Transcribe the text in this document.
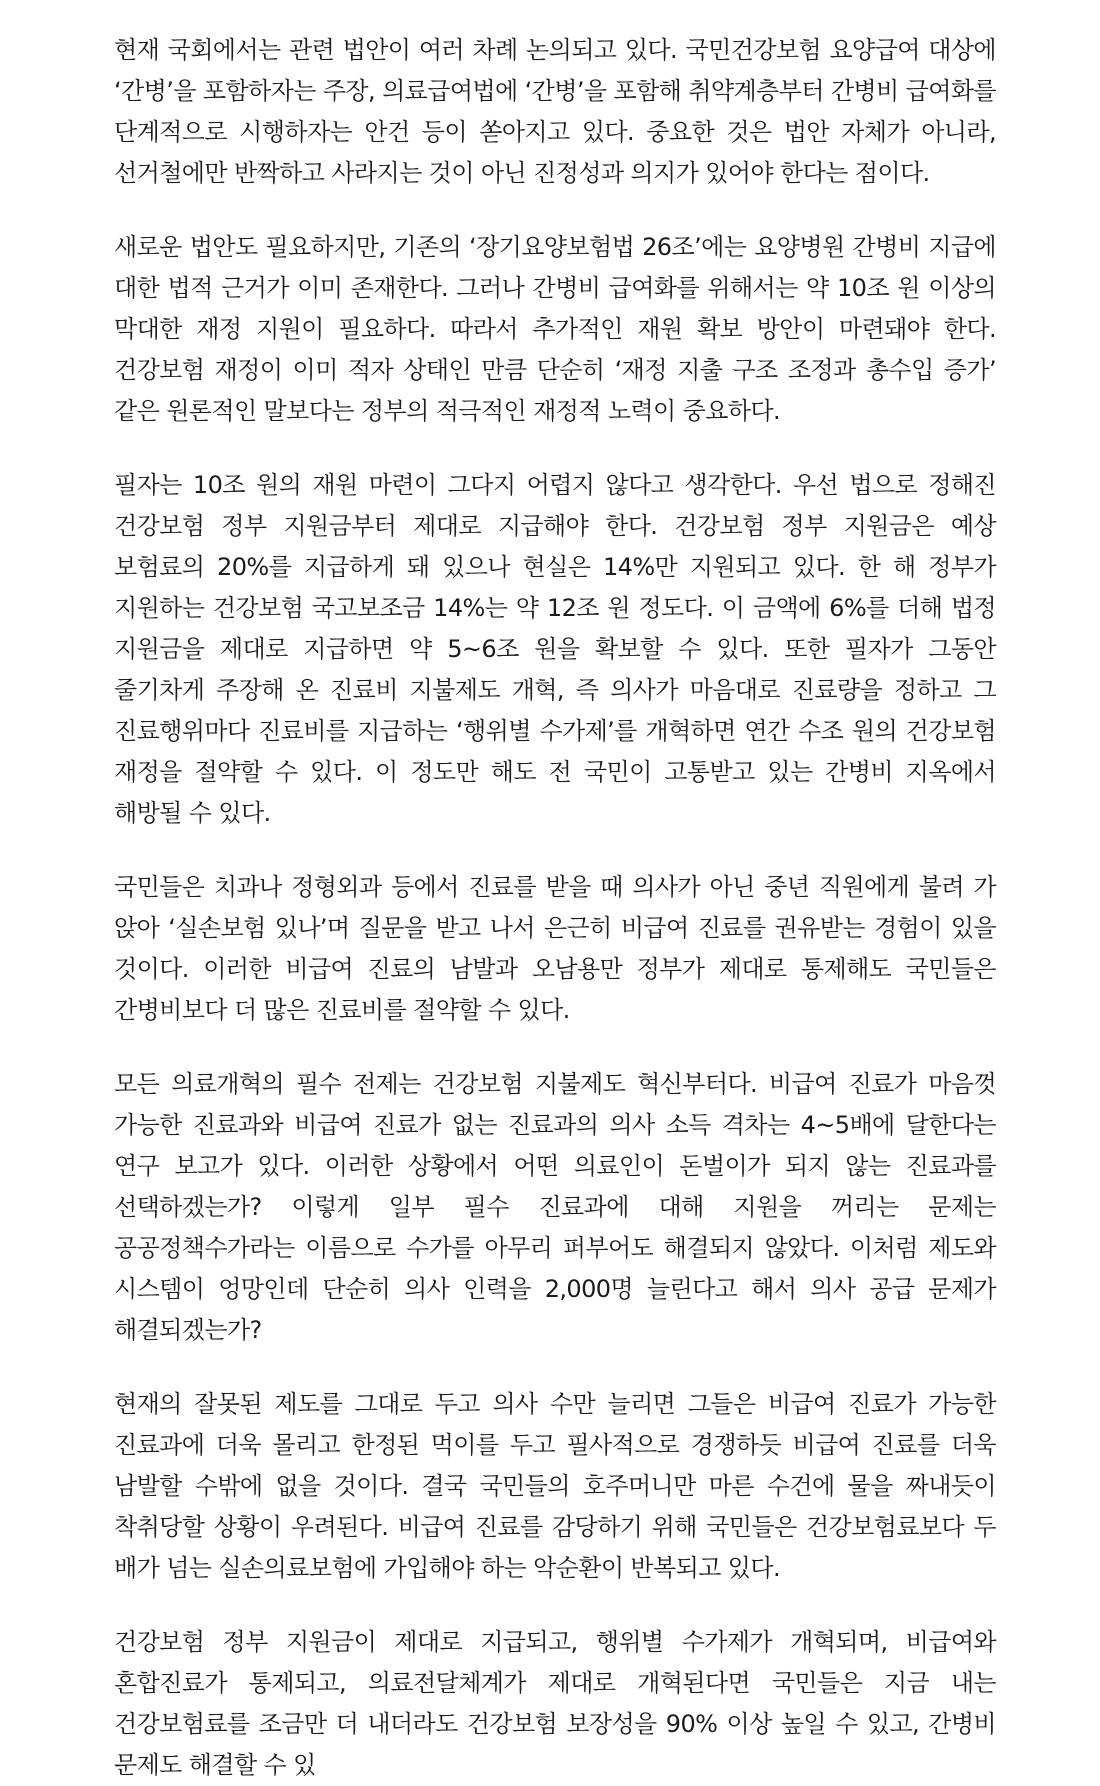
현재 국회에서는 관련 법안이 여러 차례 논의되고 있다. 국민건강보험 요양급여 대상에 ‘간병’을 포함하자는 주장, 의료급여법에 ‘간병’을 포함해 취약계층부터 간병비 급여화를 단계적으로 시행하자는 안건 등이 쏟아지고 있다. 중요한 것은 법안 자체가 아니라, 선거철에만 반짝하고 사라지는 것이 아닌 진정성과 의지가 있어야 한다는 점이다.

새로운 법안도 필요하지만, 기존의 ‘장기요양보험법 26조’에는 요양병원 간병비 지급에 대한 법적 근거가 이미 존재한다. 그러나 간병비 급여화를 위해서는 약 10조 원 이상의 막대한 재정 지원이 필요하다. 따라서 추가적인 재원 확보 방안이 마련돼야 한다. 건강보험 재정이 이미 적자 상태인 만큼 단순히 ‘재정 지출 구조 조정과 총수입 증가’ 같은 원론적인 말보다는 정부의 적극적인 재정적 노력이 중요하다.

필자는 10조 원의 재원 마련이 그다지 어렵지 않다고 생각한다. 우선 법으로 정해진 건강보험 정부 지원금부터 제대로 지급해야 한다. 건강보험 정부 지원금은 예상 보험료의 20%를 지급하게 돼 있으나 현실은 14%만 지원되고 있다. 한 해 정부가 지원하는 건강보험 국고보조금 14%는 약 12조 원 정도다. 이 금액에 6%를 더해 법정 지원금을 제대로 지급하면 약 5~6조 원을 확보할 수 있다. 또한 필자가 그동안 줄기차게 주장해 온 진료비 지불제도 개혁, 즉 의사가 마음대로 진료량을 정하고 그 진료행위마다 진료비를 지급하는 ‘행위별 수가제’를 개혁하면 연간 수조 원의 건강보험 재정을 절약할 수 있다. 이 정도만 해도 전 국민이 고통받고 있는 간병비 지옥에서 해방될 수 있다.

국민들은 치과나 정형외과 등에서 진료를 받을 때 의사가 아닌 중년 직원에게 불려 가 앉아 ‘실손보험 있나’며 질문을 받고 나서 은근히 비급여 진료를 권유받는 경험이 있을 것이다. 이러한 비급여 진료의 남발과 오남용만 정부가 제대로 통제해도 국민들은 간병비보다 더 많은 진료비를 절약할 수 있다.

모든 의료개혁의 필수 전제는 건강보험 지불제도 혁신부터다. 비급여 진료가 마음껏 가능한 진료과와 비급여 진료가 없는 진료과의 의사 소득 격차는 4~5배에 달한다는 연구 보고가 있다. 이러한 상황에서 어떤 의료인이 돈벌이가 되지 않는 진료과를 선택하겠는가? 이렇게 일부 필수 진료과에 대해 지원을 꺼리는 문제는 공공정책수가라는 이름으로 수가를 아무리 퍼부어도 해결되지 않았다. 이처럼 제도와 시스템이 엉망인데 단순히 의사 인력을 2,000명 늘린다고 해서 의사 공급 문제가 해결되겠는가?

현재의 잘못된 제도를 그대로 두고 의사 수만 늘리면 그들은 비급여 진료가 가능한 진료과에 더욱 몰리고 한정된 먹이를 두고 필사적으로 경쟁하듯 비급여 진료를 더욱 남발할 수밖에 없을 것이다. 결국 국민들의 호주머니만 마른 수건에 물을 짜내듯이 착취당할 상황이 우려된다. 비급여 진료를 감당하기 위해 국민들은 건강보험료보다 두 배가 넘는 실손의료보험에 가입해야 하는 악순환이 반복되고 있다.

건강보험 정부 지원금이 제대로 지급되고, 행위별 수가제가 개혁되며, 비급여와 혼합진료가 통제되고, 의료전달체계가 제대로 개혁된다면 국민들은 지금 내는 건강보험료를 조금만 더 내더라도 건강보험 보장성을 90% 이상 높일 수 있고, 간병비 문제도 해결할 수 있
